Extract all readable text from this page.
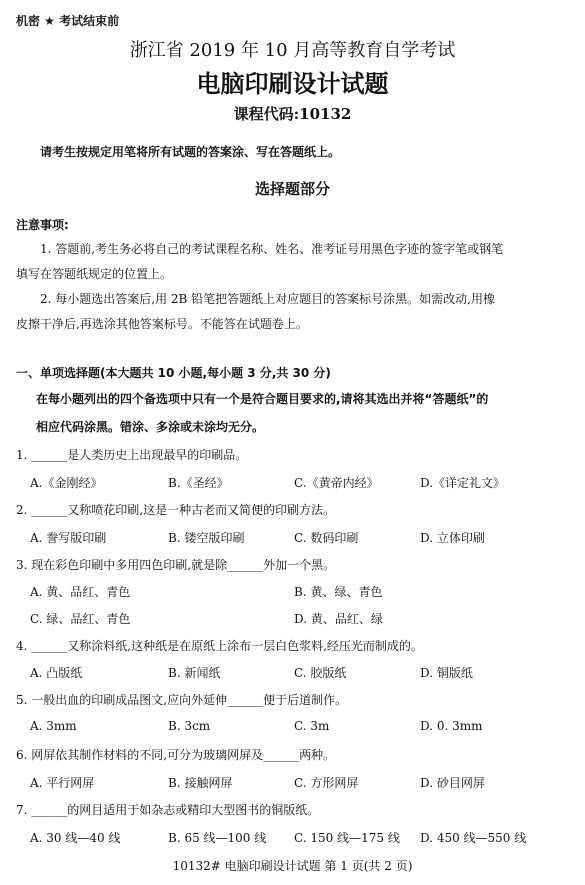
机密 ★ 考试结束前
浙江省 2019 年 10 月高等教育自学考试
电脑印刷设计试题
课程代码:10132
请考生按规定用笔将所有试题的答案涂、写在答题纸上。
选择题部分
注意事项:
1. 答题前,考生务必将自己的考试课程名称、姓名、准考证号用黑色字迹的签字笔或钢笔
填写在答题纸规定的位置上。
2. 每小题选出答案后,用 2B 铅笔把答题纸上对应题目的答案标号涂黑。如需改动,用橡
皮擦干净后,再选涂其他答案标号。不能答在试题卷上。
一、单项选择题(本大题共 10 小题,每小题 3 分,共 30 分)
在每小题列出的四个备选项中只有一个是符合题目要求的,请将其选出并将“答题纸”的
相应代码涂黑。错涂、多涂或未涂均无分。
1. ______是人类历史上出现最早的印刷品。
A.《金刚经》	B.《圣经》	C.《黄帝内经》	D.《详定礼文》
2. ______又称喷花印刷,这是一种古老而又简便的印刷方法。
A. 誊写版印刷	B. 镂空版印刷	C. 数码印刷	D. 立体印刷
3. 现在彩色印刷中多用四色印刷,就是除______外加一个黑。
A. 黄、品红、青色	B. 黄、绿、青色
C. 绿、品红、青色	D. 黄、品红、绿
4. ______又称涂料纸,这种纸是在原纸上涂布一层白色浆料,经压光而制成的。
A. 凸版纸	B. 新闻纸	C. 胶版纸	D. 铜版纸
5. 一般出血的印刷成品图文,应向外延伸______便于后道制作。
A. 3mm	B. 3cm	C. 3m	D. 0. 3mm
6. 网屏依其制作材料的不同,可分为玻璃网屏及______两种。
A. 平行网屏	B. 接触网屏	C. 方形网屏	D. 砂目网屏
7. ______的网目适用于如杂志或精印大型图书的铜版纸。
A. 30 线—40 线	B. 65 线—100 线 C. 150 线—175 线 D. 450 线—550 线
10132# 电脑印刷设计试题 第 1 页(共 2 页)
